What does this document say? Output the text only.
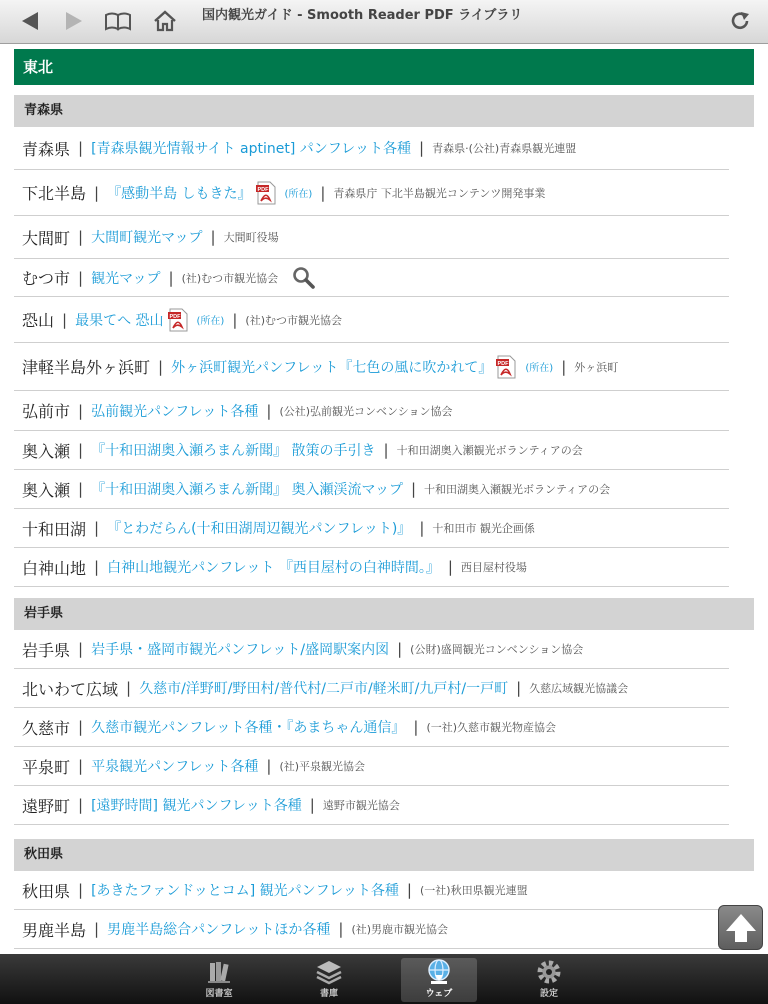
国内観光ガイド - Smooth Reader PDF ライブラリ
東北
青森県
青森県 | [青森県観光情報サイト aptinet] パンフレット各種 | 青森県·(公社)青森県観光連盟
下北半島 | 『感動半島 しもきた』 PDF (所在) | 青森県庁 下北半島観光コンテンツ開発事業
大間町 | 大間町観光マップ | 大間町役場
むつ市 | 観光マップ | (社)むつ市観光協会
恐山 | 最果てへ 恐山 PDF (所在) | (社)むつ市観光協会
津軽半島外ヶ浜町 | 外ヶ浜町観光パンフレット『七色の風に吹かれて』 PDF (所在) | 外ヶ浜町
弘前市 | 弘前観光パンフレット各種 | (公社)弘前観光コンベンション協会
奥入瀬 | 『十和田湖奥入瀬ろまん新聞』 散策の手引き | 十和田湖奥入瀬観光ボランティアの会
奥入瀬 | 『十和田湖奥入瀬ろまん新聞』 奥入瀬渓流マップ | 十和田湖奥入瀬観光ボランティアの会
十和田湖 | 『とわだらん(十和田湖周辺観光パンフレット)』 | 十和田市 観光企画係
白神山地 | 白神山地観光パンフレット 『西目屋村の白神時間。』 | 西目屋村役場
岩手県
岩手県 | 岩手県・盛岡市観光パンフレット/盛岡駅案内図 | (公財)盛岡観光コンベンション協会
北いわて広域 | 久慈市/洋野町/野田村/普代村/二戸市/軽米町/九戸村/一戸町 | 久慈広域観光協議会
久慈市 | 久慈市観光パンフレット各種・『あまちゃん通信』 | (一社)久慈市観光物産協会
平泉町 | 平泉観光パンフレット各種 | (社)平泉観光協会
遠野町 | [遠野時間] 観光パンフレット各種 | 遠野市観光協会
秋田県
秋田県 | [あきたファンドッとコム] 観光パンフレット各種 | (一社)秋田県観光連盟
男鹿半島 | 男鹿半島総合パンフレットほか各種 | (社)男鹿市観光協会
図書室	書庫	ウェブ	設定
